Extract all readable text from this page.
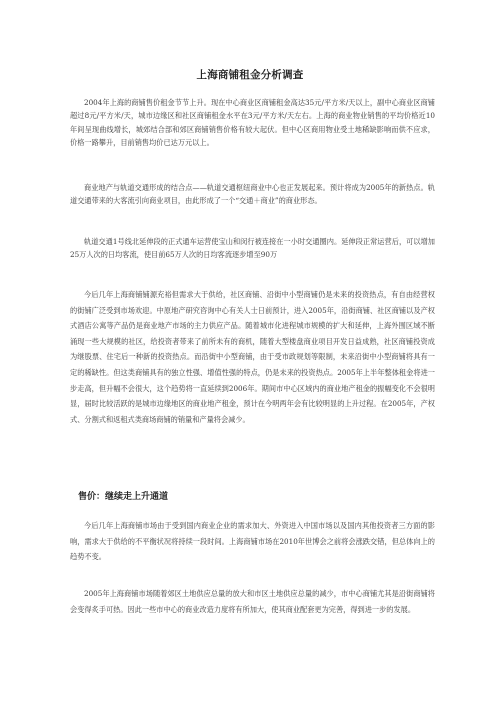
上海商铺租金分析调查

2004年上海的商铺售价租金节节上升。现在中心商业区商铺租金高达35元/平方米/天以上，副中心商业区商铺超过8元/平方米/天，城市边缘区和社区商铺租金水平在3元/平方米/天左右。上海的商业物业销售的平均价格近10年间呈现曲线增长，城郊结合部和郊区商铺销售价格有较大起伏。但中心区商用物业受土地稀缺影响而供不应求，价格一路攀升，目前销售均价已达万元以上。

商业地产与轨道交通形成的结合点——轨道交通枢纽商业中心也正发展起来。预计将成为2005年的新热点。轨道交通带来的大客流引向商业项目，由此形成了一个“交通＋商业”的商业形态。

轨道交通1号线北延伸段的正式通车运营使宝山和闵行被连接在一小时交通圈内。延伸段正常运营后，可以增加25万人次的日均客流，使目前65万人次的日均客流逐步增至90万

今后几年上海商铺铺源充裕但需求大于供给，社区商铺、沿街中小型商铺仍是未来的投资热点，有自由经营权的街铺广泛受到市场欢迎。中原地产研究咨询中心有关人士日前预计，进入2005年，沿街商铺、社区商铺以及产权式酒店公寓等产品仍是商业地产市场的主力供应产品。随着城市化进程城市规模的扩大和延伸，上海外围区域不断涌现一些大规模的社区，给投资者带来了前所未有的商机，随着大型楼盘商业项目开发日益成熟，社区商铺投资成为继股票、住宅后一种新的投资热点。而沿街中小型商铺，由于受市政规划等限制，未来沿街中小型商铺将具有一定的稀缺性。但这类商铺具有的独立性强、增值性强的特点，仍是未来的投资热点。2005年上半年整体租金将进一步走高，但升幅不会很大，这个趋势将一直延续到2006年。期间市中心区域内的商业地产租金的振幅变化不会很明显，届时比较活跃的是城市边缘地区的商业地产租金，预计在今明两年会有比较明显的上升过程。在2005年，产权式、分割式和返租式类商场商铺的销量和产量将会减少。

售价：继续走上升通道

今后几年上海商铺市场由于受到国内商业企业的需求加大、外资进入中国市场以及国内其他投资者三方面的影响，需求大于供给的不平衡状况将持续一段时间。上海商铺市场在2010年世博会之前将会涨跌交错，但总体向上的趋势不变。

2005年上海商铺市场随着郊区土地供应总量的放大和市区土地供应总量的减少，市中心商铺尤其是沿街商铺将会变得炙手可热。因此一些市中心的商业改造力度将有所加大，使其商业配套更为完善，得到进一步的发展。
